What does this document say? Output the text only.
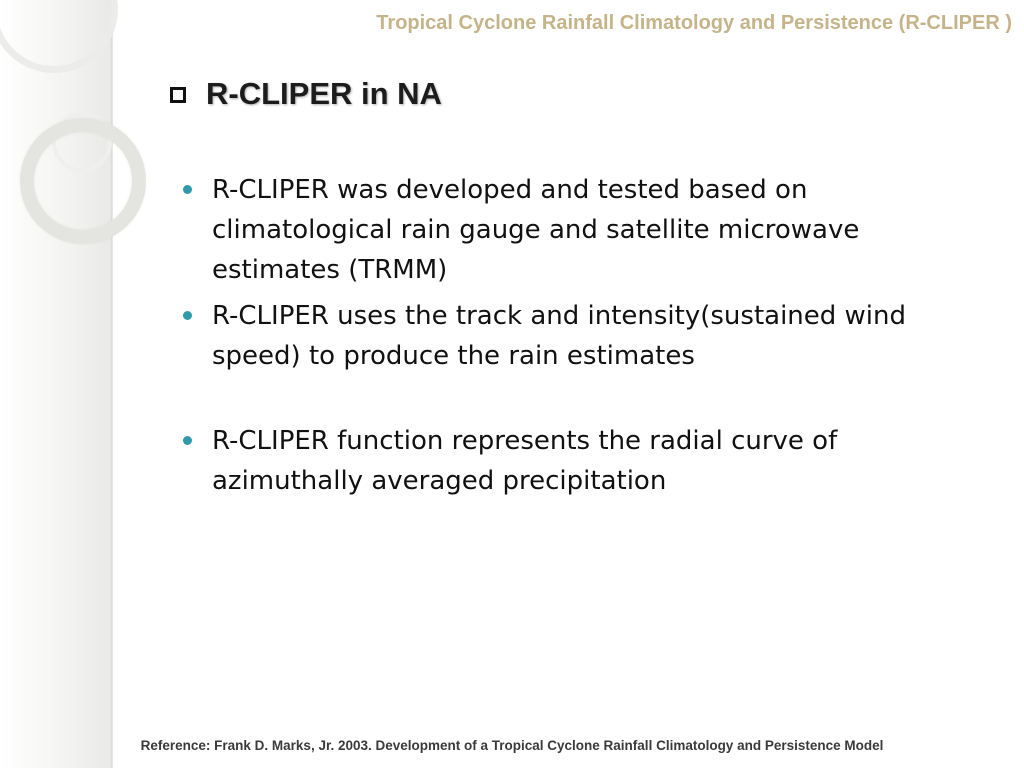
Tropical Cyclone Rainfall Climatology and Persistence (R-CLIPER )
R-CLIPER in NA
R-CLIPER was developed and tested based on climatological rain gauge and satellite microwave estimates (TRMM)
R-CLIPER uses the track and intensity(sustained wind speed) to produce the rain estimates
R-CLIPER function represents the radial curve of azimuthally averaged precipitation

Reference: Frank D. Marks, Jr. 2003. Development of a Tropical Cyclone Rainfall Climatology and Persistence Model
